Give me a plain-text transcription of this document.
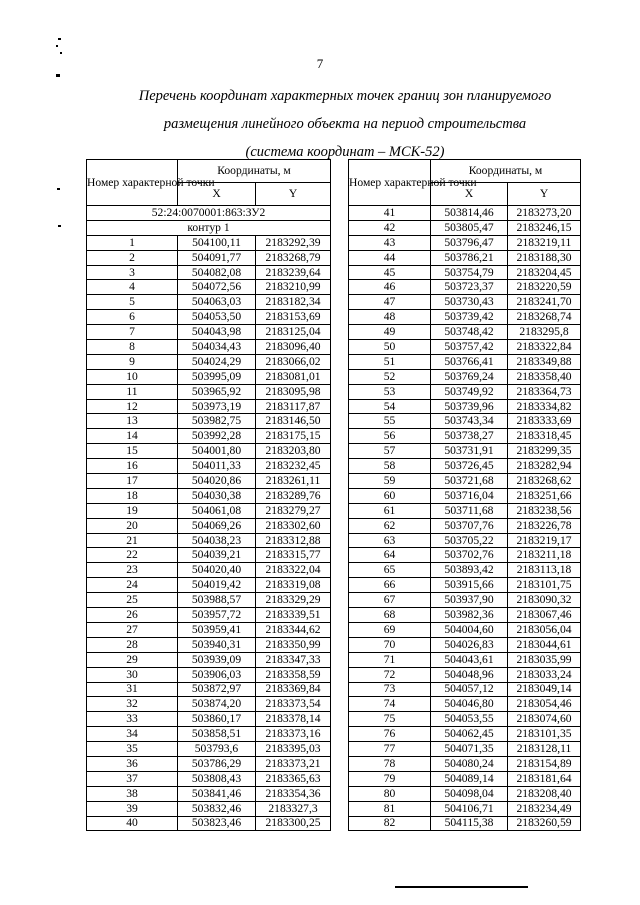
7
Перечень координат характерных точек границ зон планируемого
размещения линейного объекта на период строительства
(система координат – МСК-52)
Номер характерной точки	Координаты, м	
	X	Y
52:24:0070001:863:ЗУ2		
контур 1		
1	504100,11	2183292,39
2	504091,77	2183268,79
3	504082,08	2183239,64
4	504072,56	2183210,99
5	504063,03	2183182,34
6	504053,50	2183153,69
7	504043,98	2183125,04
8	504034,43	2183096,40
9	504024,29	2183066,02
10	503995,09	2183081,01
11	503965,92	2183095,98
12	503973,19	2183117,87
13	503982,75	2183146,50
14	503992,28	2183175,15
15	504001,80	2183203,80
16	504011,33	2183232,45
17	504020,86	2183261,11
18	504030,38	2183289,76
19	504061,08	2183279,27
20	504069,26	2183302,60
21	504038,23	2183312,88
22	504039,21	2183315,77
23	504020,40	2183322,04
24	504019,42	2183319,08
25	503988,57	2183329,29
26	503957,72	2183339,51
27	503959,41	2183344,62
28	503940,31	2183350,99
29	503939,09	2183347,33
30	503906,03	2183358,59
31	503872,97	2183369,84
32	503874,20	2183373,54
33	503860,17	2183378,14
34	503858,51	2183373,16
35	503793,6	2183395,03
36	503786,29	2183373,21
37	503808,43	2183365,63
38	503841,46	2183354,36
39	503832,46	2183327,3
40	503823,46	2183300,25
Номер характерной точки	Координаты, м	
	X	Y
41	503814,46	2183273,20
42	503805,47	2183246,15
43	503796,47	2183219,11
44	503786,21	2183188,30
45	503754,79	2183204,45
46	503723,37	2183220,59
47	503730,43	2183241,70
48	503739,42	2183268,74
49	503748,42	2183295,8
50	503757,42	2183322,84
51	503766,41	2183349,88
52	503769,24	2183358,40
53	503749,92	2183364,73
54	503739,96	2183334,82
55	503743,34	2183333,69
56	503738,27	2183318,45
57	503731,91	2183299,35
58	503726,45	2183282,94
59	503721,68	2183268,62
60	503716,04	2183251,66
61	503711,68	2183238,56
62	503707,76	2183226,78
63	503705,22	2183219,17
64	503702,76	2183211,18
65	503893,42	2183113,18
66	503915,66	2183101,75
67	503937,90	2183090,32
68	503982,36	2183067,46
69	504004,60	2183056,04
70	504026,83	2183044,61
71	504043,61	2183035,99
72	504048,96	2183033,24
73	504057,12	2183049,14
74	504046,80	2183054,46
75	504053,55	2183074,60
76	504062,45	2183101,35
77	504071,35	2183128,11
78	504080,24	2183154,89
79	504089,14	2183181,64
80	504098,04	2183208,40
81	504106,71	2183234,49
82	504115,38	2183260,59
